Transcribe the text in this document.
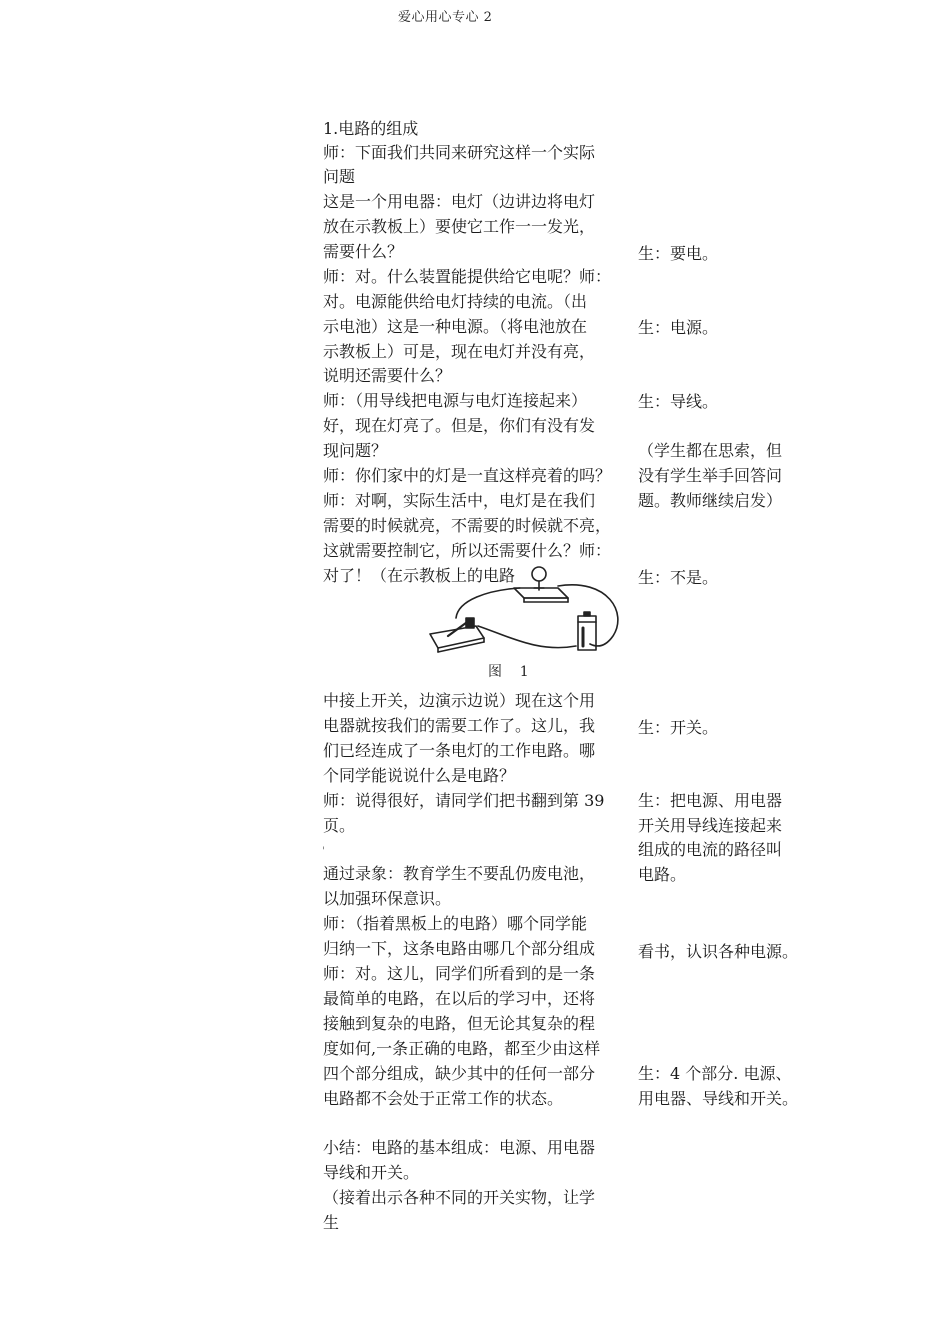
爱心用心专心 2
1.电路的组成
师：下面我们共同来研究这样一个实际
问题
这是一个用电器：电灯（边讲边将电灯
放在示教板上）要使它工作一一发光，
需要什么？
师：对。什么装置能提供给它电呢？师：
对。电源能供给电灯持续的电流。（出
示电池）这是一种电源。（将电池放在
示教板上）可是，现在电灯并没有亮，
说明还需要什么？
师：（用导线把电源与电灯连接起来）
好，现在灯亮了。但是，你们有没有发
现问题？
师：你们家中的灯是一直这样亮着的吗？
师：对啊，实际生活中，电灯是在我们
需要的时候就亮，不需要的时候就不亮，
这就需要控制它，所以还需要什么？师：
对了！（在示教板上的电路
中接上开关，边演示边说）现在这个用
电器就按我们的需要工作了。这儿，我
们已经连成了一条电灯的工作电路。哪
个同学能说说什么是电路？
师：说得很好，请同学们把书翻到第 39
页。
'
通过录象：教育学生不要乱仍废电池，
以加强环保意识。
师：（指着黑板上的电路）哪个同学能
归纳一下，这条电路由哪几个部分组成
师：对。这儿，同学们所看到的是一条
最简单的电路，在以后的学习中，还将
接触到复杂的电路，但无论其复杂的程
度如何,一条正确的电路，都至少由这样
四个部分组成，缺少其中的任何一部分
电路都不会处于正常工作的状态。
小结：电路的基本组成：电源、用电器
导线和开关。
（接着出示各种不同的开关实物，让学
生
生：要电。
生：电源。
生：导线。
（学生都在思索，但
没有学生举手回答问
题。教师继续启发）
生：不是。
生：开关。
生：把电源、用电器
开关用导线连接起来
组成的电流的路径叫
电路。
看书，认识各种电源。
生：4 个部分. 电源、
用电器、导线和开关。
图    1
